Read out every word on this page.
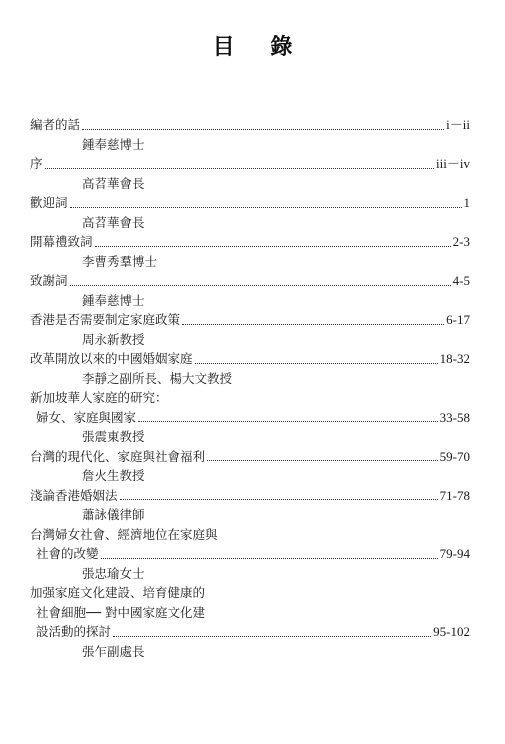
目 錄
編者的話	i－ii
鍾奉慈博士
序	iii－iv
高苕華會長
歡迎詞	1
高苕華會長
開幕禮致詞	2-3
李曹秀羣博士
致謝詞	4-5
鍾奉慈博士
香港是否需要制定家庭政策	6-17
周永新教授
改革開放以來的中國婚姻家庭	18-32
李靜之副所長、楊大文教授
新加坡華人家庭的研究：
婦女、家庭與國家	33-58
張震東教授
台灣的現代化、家庭與社會福利	59-70
詹火生教授
淺論香港婚姻法	71-78
蕭詠儀律師
台灣婦女社會、經濟地位在家庭與
社會的改變	79-94
張忠瑜女士
加强家庭文化建設、培育健康的
社會細胞── 對中國家庭文化建
設活動的探討	95-102
張乍副處長
